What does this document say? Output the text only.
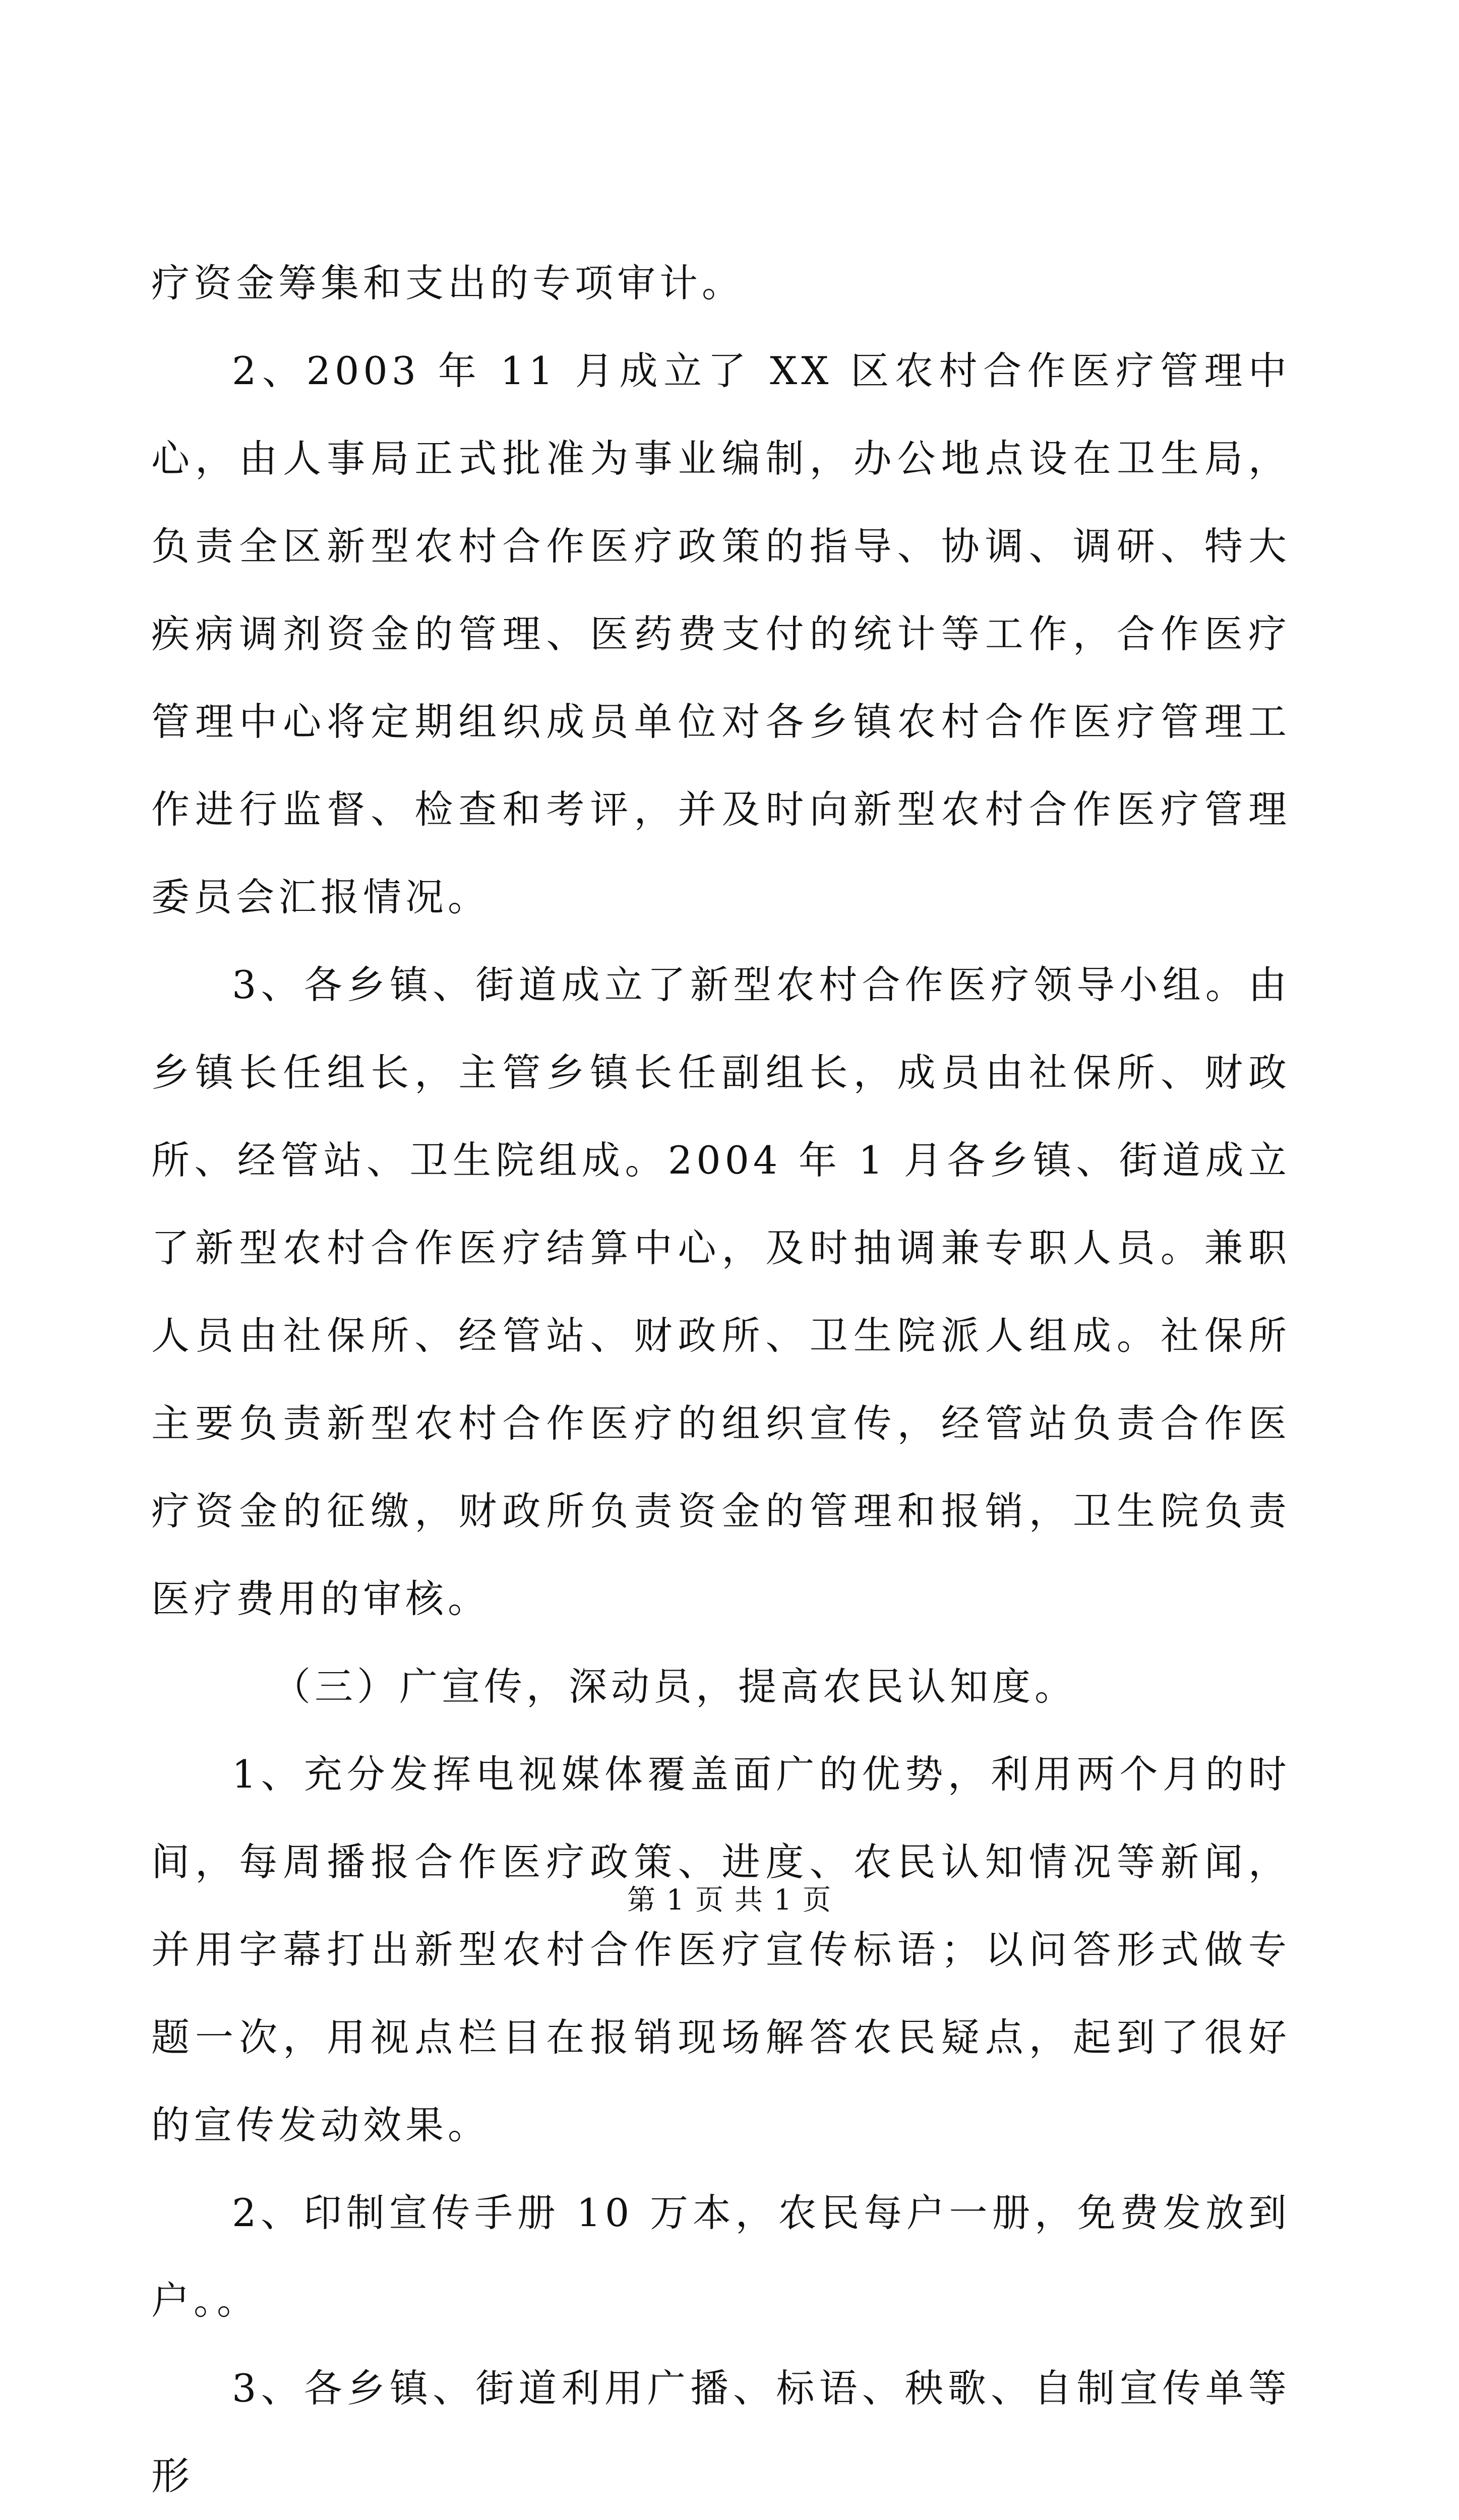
疗资金筹集和支出的专项审计。

2、2003 年 11 月成立了 XX 区农村合作医疗管理中心，由人事局正式批准为事业编制，办公地点设在卫生局，负责全区新型农村合作医疗政策的指导、协调、调研、特大疾病调剂资金的管理、医药费支付的统计等工作，合作医疗管理中心将定期组织成员单位对各乡镇农村合作医疗管理工作进行监督、检查和考评，并及时向新型农村合作医疗管理委员会汇报情况。

3、各乡镇、街道成立了新型农村合作医疗领导小组。由乡镇长任组长，主管乡镇长任副组长，成员由社保所、财政所、经管站、卫生院组成。2004 年 1 月各乡镇、街道成立了新型农村合作医疗结算中心，及时抽调兼专职人员。兼职人员由社保所、经管站、财政所、卫生院派人组成。社保所主要负责新型农村合作医疗的组织宣传，经管站负责合作医疗资金的征缴，财政所负责资金的管理和报销，卫生院负责医疗费用的审核。

（三）广宣传，深动员，提高农民认知度。

1、充分发挥电视媒体覆盖面广的优势，利用两个月的时间，每周播报合作医疗政策、进度、农民认知情况等新闻，并用字幕打出新型农村合作医疗宣传标语；以问答形式做专题一次，用视点栏目在报销现场解答农民疑点，起到了很好的宣传发动效果。

2、印制宣传手册 10 万本，农民每户一册，免费发放到户。。

3、各乡镇、街道利用广播、标语、秧歌、自制宣传单等形

第 1 页 共 1 页
